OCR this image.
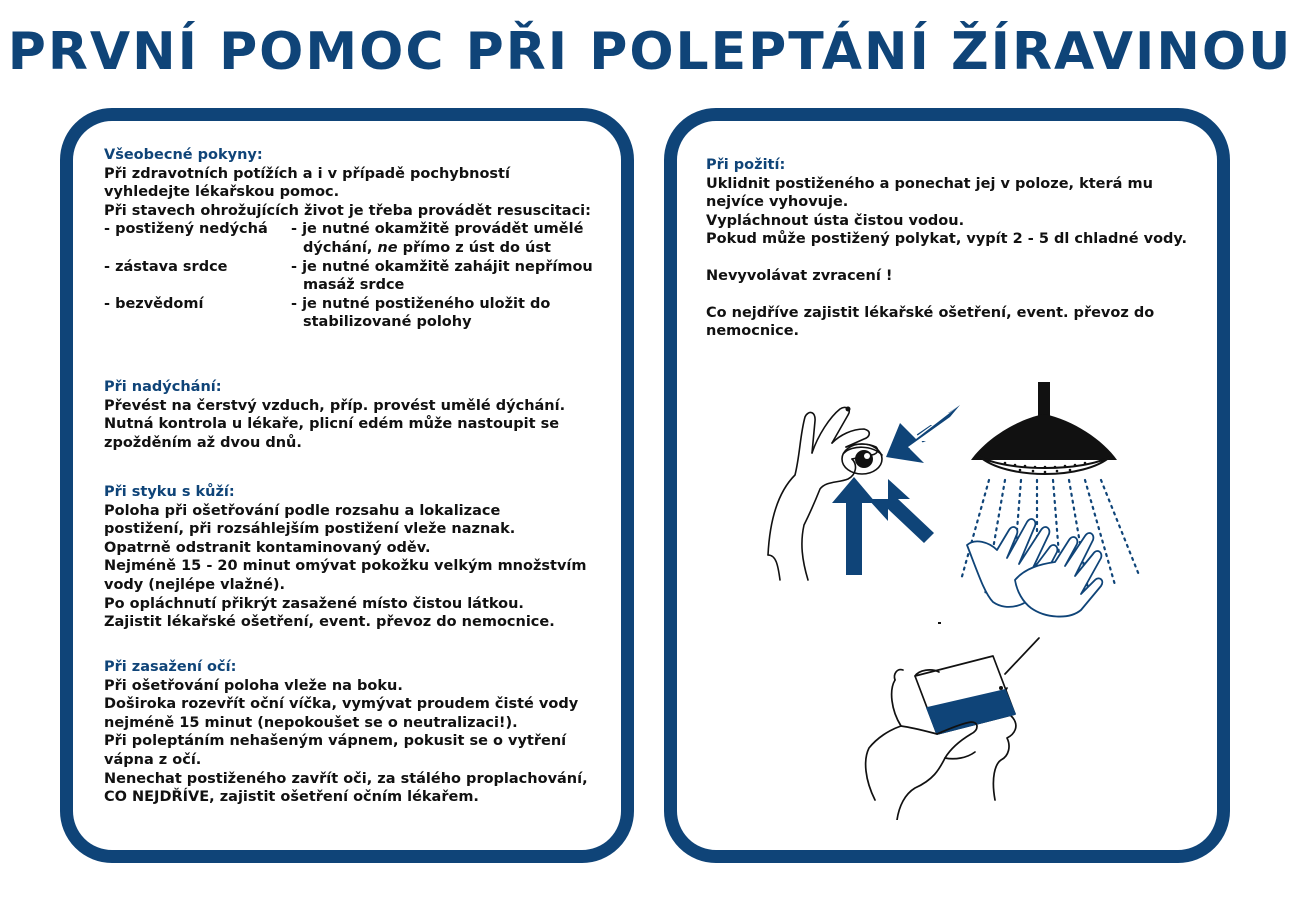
PRVNÍ POMOC PŘI POLEPTÁNÍ ŽÍRAVINOU
Všeobecné pokyny:
Při zdravotních potížích a i v případě pochybností
vyhledejte lékařskou pomoc.
Při stavech ohrožujících život je třeba provádět resuscitaci:
- postižený nedýchá	- je nutné okamžitě provádět umělé
dýchání, ne přímo z úst do úst
- zástava srdce	- je nutné okamžitě zahájit nepřímou
masáž srdce
- bezvědomí	- je nutné postiženého uložit do
stabilizované polohy
Při nadýchání:
Převést na čerstvý vzduch, příp. provést umělé dýchání.
Nutná kontrola u lékaře, plicní edém může nastoupit se
zpožděním až dvou dnů.
Při styku s kůží:
Poloha při ošetřování podle rozsahu a lokalizace
postižení, při rozsáhlejším postižení vleže naznak.
Opatrně odstranit kontaminovaný oděv.
Nejméně 15 - 20 minut omývat pokožku velkým množstvím
vody (nejlépe vlažné).
Po opláchnutí přikrýt zasažené místo čistou látkou.
Zajistit lékařské ošetření, event. převoz do nemocnice.
Při zasažení očí:
Při ošetřování poloha vleže na boku.
Doširoka rozevřít oční víčka, vymývat proudem čisté vody
nejméně 15 minut (nepokoušet se o neutralizaci!).
Při poleptáním nehašeným vápnem, pokusit se o vytření
vápna z očí.
Nenechat postiženého zavřít oči, za stálého proplachování,
CO NEJDŘÍVE, zajistit ošetření očním lékařem.
Při požití:
Uklidnit postiženého a ponechat jej v poloze, která mu
nejvíce vyhovuje.
Vypláchnout ústa čistou vodou.
Pokud může postižený polykat, vypít 2 - 5 dl chladné vody.
Nevyvolávat zvracení !
Co nejdříve zajistit lékařské ošetření, event. převoz do
nemocnice.
